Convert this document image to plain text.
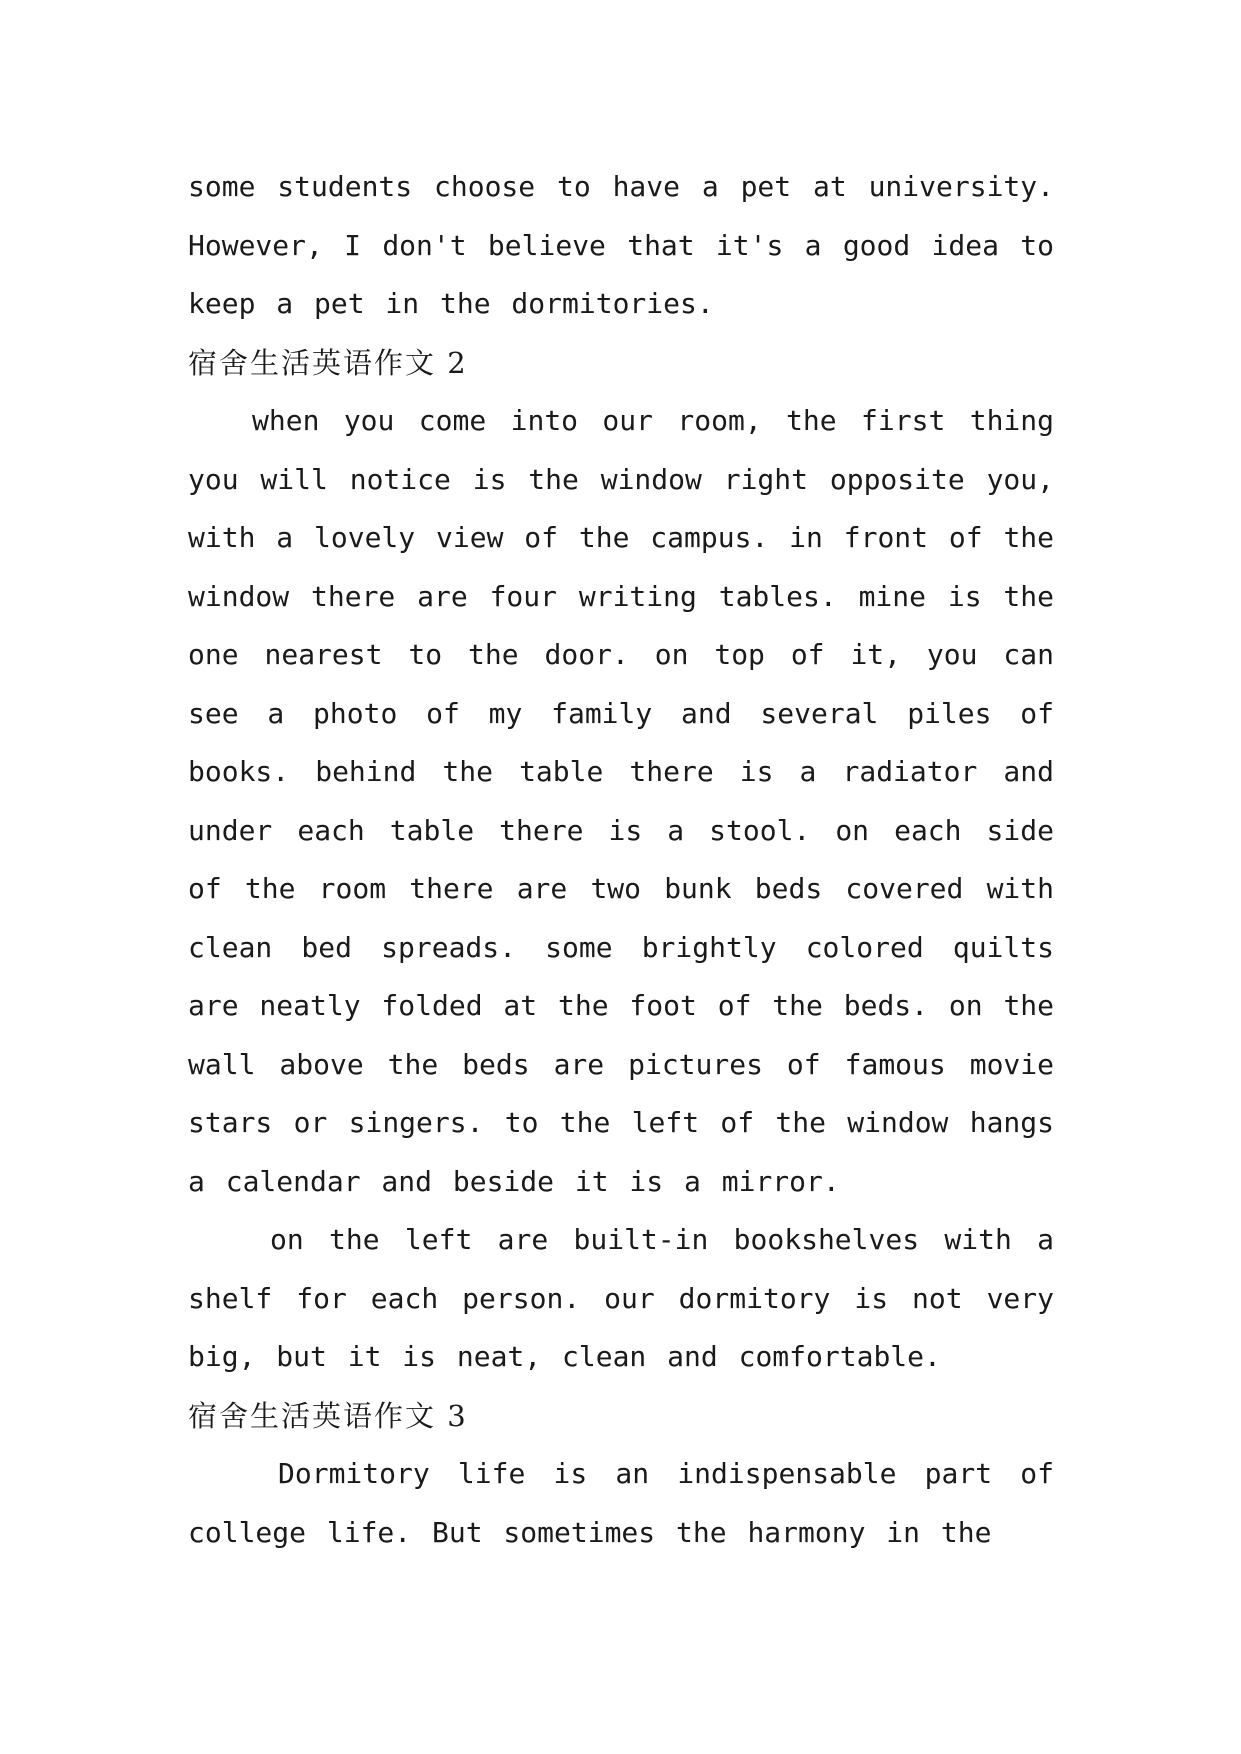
some students choose to have a pet at university. However, I don't believe that it's a good idea to keep a pet in the dormitories.

宿舍生活英语作文 2

when you come into our room, the first thing you will notice is the window right opposite you, with a lovely view of the campus. in front of the window there are four writing tables. mine is the one nearest to the door. on top of it, you can see a photo of my family and several piles of books. behind the table there is a radiator and under each table there is a stool. on each side of the room there are two bunk beds covered with clean bed spreads. some brightly colored quilts are neatly folded at the foot of the beds. on the wall above the beds are pictures of famous movie stars or singers. to the left of the window hangs a calendar and beside it is a mirror.

on the left are built-in bookshelves with a shelf for each person. our dormitory is not very big, but it is neat, clean and comfortable.

宿舍生活英语作文 3

Dormitory life is an indispensable part of college life. But sometimes the harmony in the
